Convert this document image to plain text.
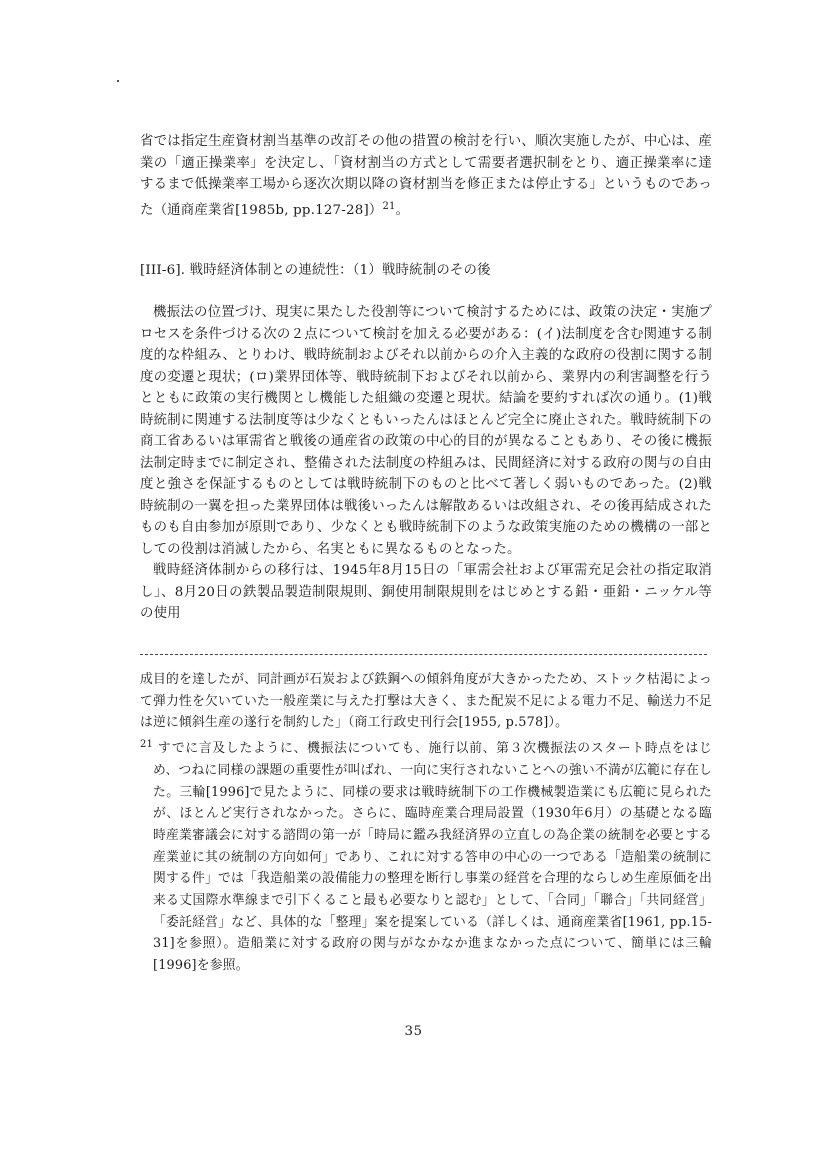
省では指定生産資材割当基準の改訂その他の措置の検討を行い、順次実施したが、中心は、産業の「適正操業率」を決定し、「資材割当の方式として需要者選択制をとり、適正操業率に達するまで低操業率工場から逐次次期以降の資材割当を修正または停止する」というものであった（通商産業省[1985b, pp.127-28]）$^{21}$。

[III-6]. 戦時経済体制との連続性：（1）戦時統制のその後

機振法の位置づけ、現実に果たした役割等について検討するためには、政策の決定・実施プロセスを条件づける次の２点について検討を加える必要がある：(イ)法制度を含む関連する制度的な枠組み、とりわけ、戦時統制およびそれ以前からの介入主義的な政府の役割に関する制度の変遷と現状；(ロ)業界団体等、戦時統制下およびそれ以前から、業界内の利害調整を行うとともに政策の実行機関とし機能した組織の変遷と現状。結論を要約すれば次の通り。(1)戦時統制に関連する法制度等は少なくともいったんはほとんど完全に廃止された。戦時統制下の商工省あるいは軍需省と戦後の通産省の政策の中心的目的が異なることもあり、その後に機振法制定時までに制定され、整備された法制度の枠組みは、民間経済に対する政府の関与の自由度と強さを保証するものとしては戦時統制下のものと比べて著しく弱いものであった。(2)戦時統制の一翼を担った業界団体は戦後いったんは解散あるいは改組され、その後再結成されたものも自由参加が原則であり、少なくとも戦時統制下のような政策実施のための機構の一部としての役割は消滅したから、名実ともに異なるものとなった。

戦時経済体制からの移行は、1945年8月15日の「軍需会社および軍需充足会社の指定取消し」、8月20日の鉄製品製造制限規則、銅使用制限規則をはじめとする鉛・亜鉛・ニッケル等の使用

成目的を達したが、同計画が石炭および鉄鋼への傾斜角度が大きかったため、ストック枯渇によって弾力性を欠いていた一般産業に与えた打撃は大きく、また配炭不足による電力不足、輸送力不足は逆に傾斜生産の遂行を制約した」（商工行政史刊行会[1955, p.578]）。

$^{21}$ すでに言及したように、機振法についても、施行以前、第３次機振法のスタート時点をはじめ、つねに同様の課題の重要性が叫ばれ、一向に実行されないことへの強い不満が広範に存在した。三輪[1996]で見たように、同様の要求は戦時統制下の工作機械製造業にも広範に見られたが、ほとんど実行されなかった。さらに、臨時産業合理局設置（1930年6月）の基礎となる臨時産業審議会に対する諮問の第一が「時局に鑑み我経済界の立直しの為企業の統制を必要とする産業並に其の統制の方向如何」であり、これに対する答申の中心の一つである「造船業の統制に関する件」では「我造船業の設備能力の整理を断行し事業の経営を合理的ならしめ生産原価を出来る丈国際水準線まで引下くること最も必要なりと認む」として、「合同」「聯合」「共同経営」「委託経営」など、具体的な「整理」案を提案している（詳しくは、通商産業省[1961, pp.15-31]を参照）。造船業に対する政府の関与がなかなか進まなかった点について、簡単には三輪[1996]を参照。

35
